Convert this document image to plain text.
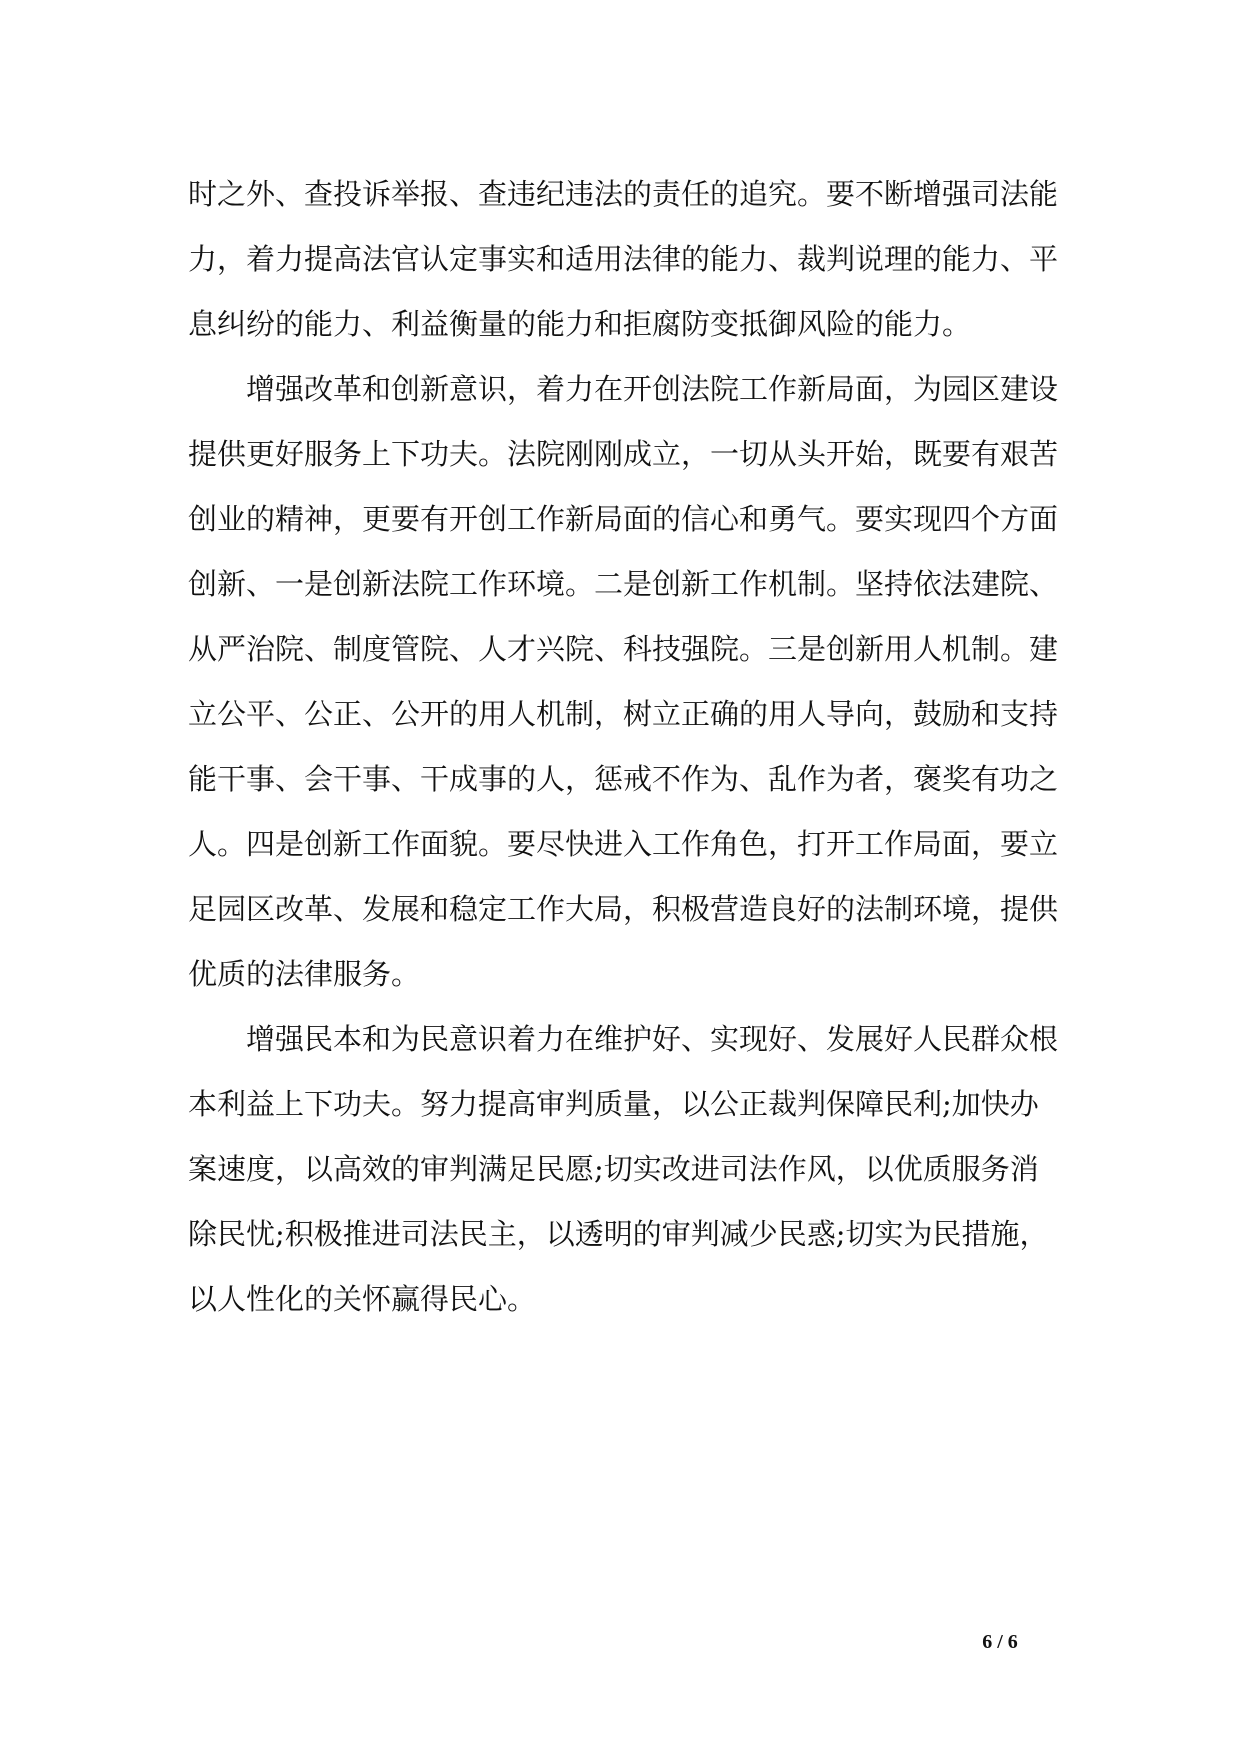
时之外、查投诉举报、查违纪违法的责任的追究。要不断增强司法能
力，着力提高法官认定事实和适用法律的能力、裁判说理的能力、平
息纠纷的能力、利益衡量的能力和拒腐防变抵御风险的能力。
　　增强改革和创新意识，着力在开创法院工作新局面，为园区建设
提供更好服务上下功夫。法院刚刚成立，一切从头开始，既要有艰苦
创业的精神，更要有开创工作新局面的信心和勇气。要实现四个方面
创新、一是创新法院工作环境。二是创新工作机制。坚持依法建院、
从严治院、制度管院、人才兴院、科技强院。三是创新用人机制。建
立公平、公正、公开的用人机制，树立正确的用人导向，鼓励和支持
能干事、会干事、干成事的人，惩戒不作为、乱作为者，褒奖有功之
人。四是创新工作面貌。要尽快进入工作角色，打开工作局面，要立
足园区改革、发展和稳定工作大局，积极营造良好的法制环境，提供
优质的法律服务。
　　增强民本和为民意识着力在维护好、实现好、发展好人民群众根
本利益上下功夫。努力提高审判质量，以公正裁判保障民利;加快办
案速度，以高效的审判满足民愿;切实改进司法作风，以优质服务消
除民忧;积极推进司法民主，以透明的审判减少民惑;切实为民措施，
以人性化的关怀赢得民心。
6 / 6
